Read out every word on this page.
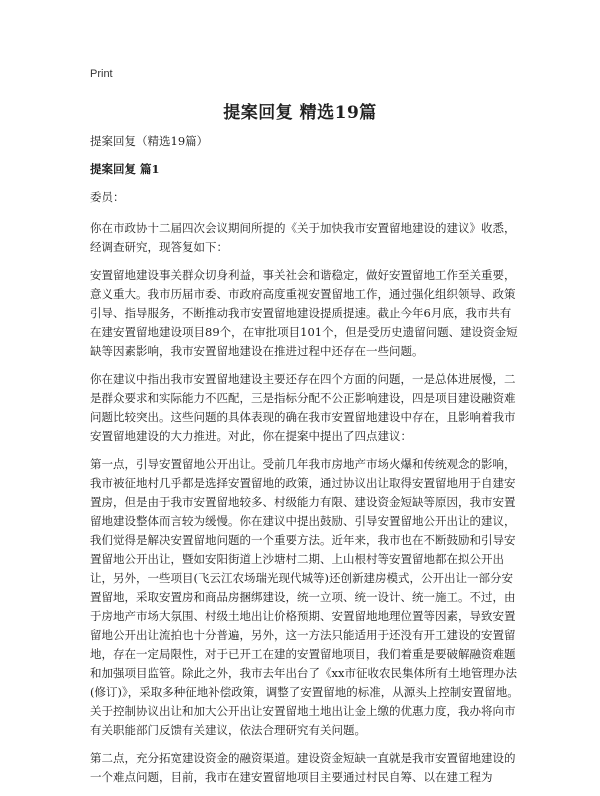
Print
提案回复 精选19篇

提案回复（精选19篇）

提案回复 篇1

委员：

你在市政协十二届四次会议期间所提的《关于加快我市安置留地建设的建议》收悉，经调查研究，现答复如下：

安置留地建设事关群众切身利益，事关社会和谐稳定，做好安置留地工作至关重要，意义重大。我市历届市委、市政府高度重视安置留地工作，通过强化组织领导、政策引导、指导服务，不断推动我市安置留地建设提质提速。截止今年6月底，我市共有在建安置留地建设项目89个，在审批项目101个，但是受历史遗留问题、建设资金短缺等因素影响，我市安置留地建设在推进过程中还存在一些问题。

你在建议中指出我市安置留地建设主要还存在四个方面的问题，一是总体进展慢，二是群众要求和实际能力不匹配，三是指标分配不公正影响建设，四是项目建设融资难问题比较突出。这些问题的具体表现的确在我市安置留地建设中存在，且影响着我市安置留地建设的大力推进。对此，你在提案中提出了四点建议：

第一点，引导安置留地公开出让。受前几年我市房地产市场火爆和传统观念的影响，我市被征地村几乎都是选择安置留地的政策，通过协议出让取得安置留地用于自建安置房，但是由于我市安置留地较多、村级能力有限、建设资金短缺等原因，我市安置留地建设整体而言较为缓慢。你在建议中提出鼓励、引导安置留地公开出让的建议，我们觉得是解决安置留地问题的一个重要方法。近年来，我市也在不断鼓励和引导安置留地公开出让，暨如安阳街道上沙塘村二期、上山根村等安置留地都在拟公开出让，另外，一些项目(飞云江农场瑞光现代城等)还创新建房模式，公开出让一部分安置留地，采取安置房和商品房捆绑建设，统一立项、统一设计、统一施工。不过，由于房地产市场大氛围、村级土地出让价格预期、安置留地地理位置等因素，导致安置留地公开出让流拍也十分普遍，另外，这一方法只能适用于还没有开工建设的安置留地，存在一定局限性，对于已开工在建的安置留地项目，我们着重是要破解融资难题和加强项目监管。除此之外，我市去年出台了《xx市征收农民集体所有土地管理办法(修订)》，采取多种征地补偿政策，调整了安置留地的标准，从源头上控制安置留地。关于控制协议出让和加大公开出让安置留地土地出让金上缴的优惠力度，我办将向市有关职能部门反馈有关建议，依法合理研究有关问题。

第二点，充分拓宽建设资金的融资渠道。建设资金短缺一直就是我市安置留地建设的一个难点问题，目前，我市在建安置留地项目主要通过村民自筹、以在建工程为
